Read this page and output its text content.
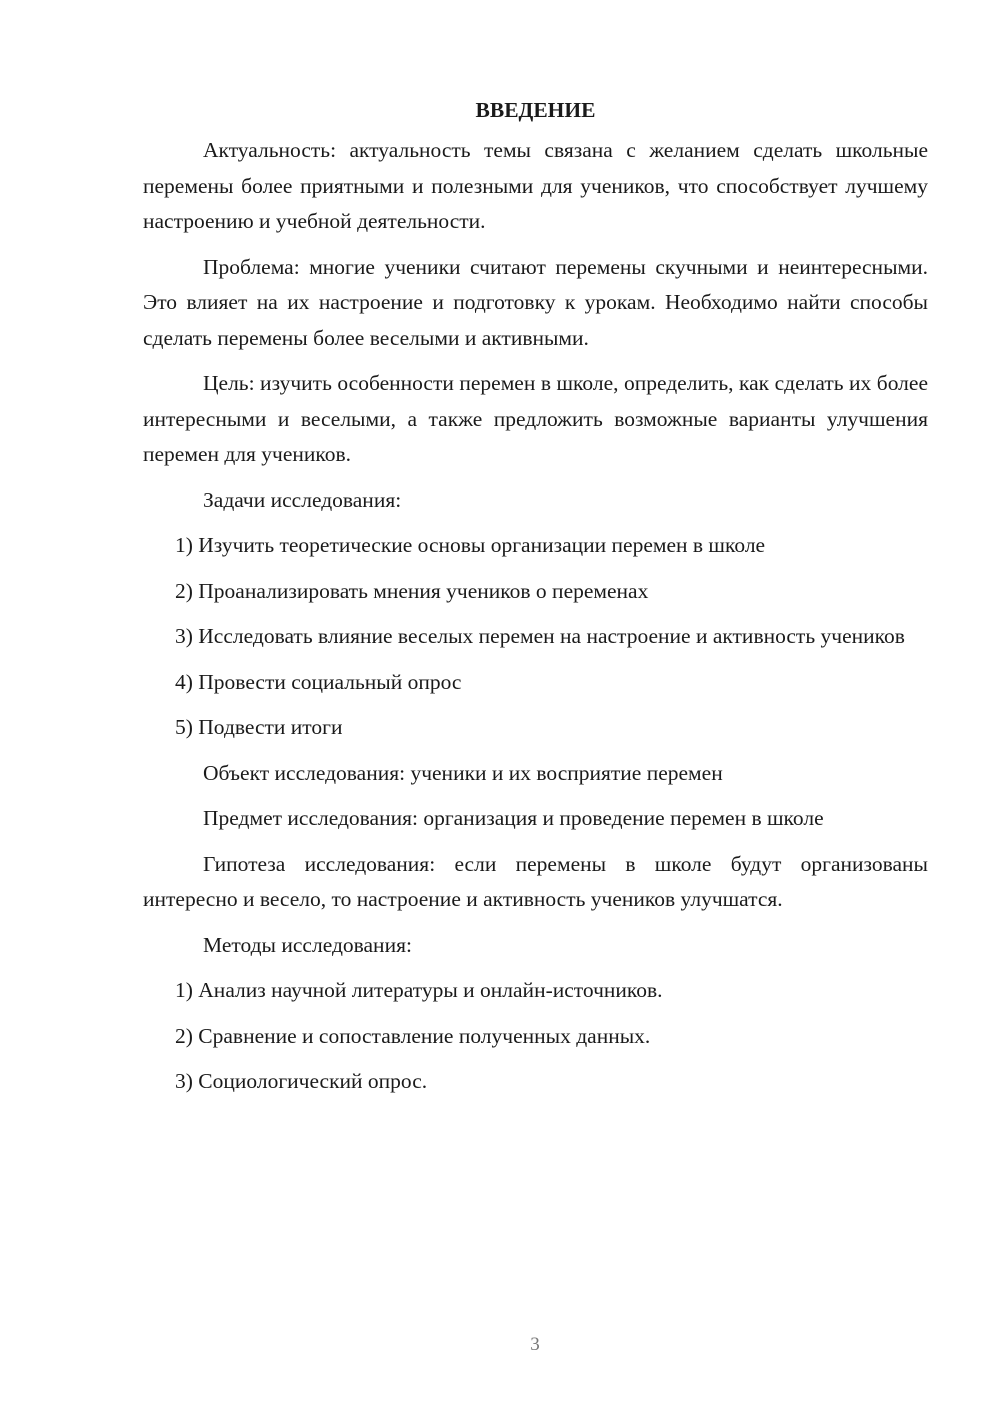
ВВЕДЕНИЕ

Актуальность: актуальность темы связана с желанием сделать школьные перемены более приятными и полезными для учеников, что способствует лучшему настроению и учебной деятельности.

Проблема: многие ученики считают перемены скучными и неинтересными. Это влияет на их настроение и подготовку к урокам. Необходимо найти способы сделать перемены более веселыми и активными.

Цель: изучить особенности перемен в школе, определить, как сделать их более интересными и веселыми, а также предложить возможные варианты улучшения перемен для учеников.

Задачи исследования:

1) Изучить теоретические основы организации перемен в школе

2) Проанализировать мнения учеников о переменах

3) Исследовать влияние веселых перемен на настроение и активность учеников

4) Провести социальный опрос

5) Подвести итоги

Объект исследования: ученики и их восприятие перемен

Предмет исследования: организация и проведение перемен в школе

Гипотеза исследования: если перемены в школе будут организованы интересно и весело, то настроение и активность учеников улучшатся.

Методы исследования:

1) Анализ научной литературы и онлайн-источников.

2) Сравнение и сопоставление полученных данных.

3) Социологический опрос.

3
